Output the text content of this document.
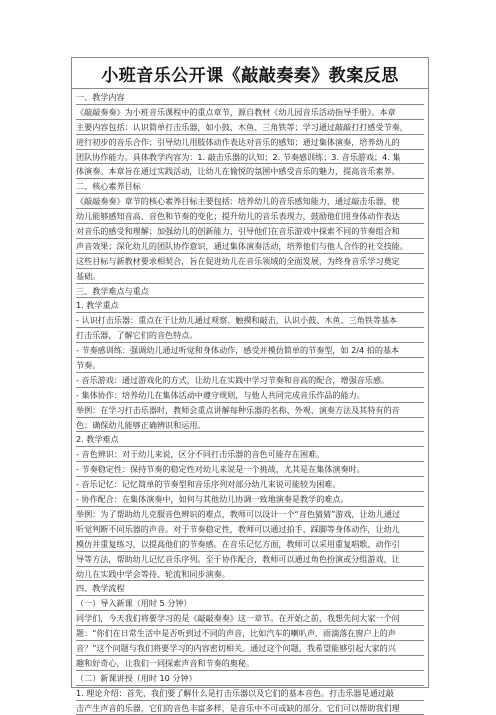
小班音乐公开课《敲敲奏奏》教案反思

一、教学内容

《敲敲奏奏》为小班音乐课程中的重点章节，源自教材《幼儿园音乐活动指导手册》。本章

主要内容包括：认识简单打击乐器，如小鼓、木鱼、三角铁等；学习通过敲敲打打感受节奏，

进行初步的音乐合作；引导幼儿用肢体动作表达对音乐的感知；通过集体演奏，培养幼儿的

团队协作能力。具体教学内容为：1. 敲击乐器的认知；2. 节奏感训练；3. 音乐游戏；4. 集

体演奏。本章旨在通过实践活动，让幼儿在愉悦的氛围中感受音乐的魅力，提高音乐素养。

二、核心素养目标

《敲敲奏奏》章节的核心素养目标主要包括：培养幼儿的音乐感知能力，通过敲击乐器，使

幼儿能够感知音高、音色和节奏的变化；提升幼儿的音乐表现力，鼓励他们用身体动作表达

对音乐的感受和理解；加强幼儿的创新能力，引导他们在音乐游戏中探索不同的节奏组合和

声音效果；深化幼儿的团队协作意识，通过集体演奏活动，培养他们与他人合作的社交技能。

这些目标与新教材要求相契合，旨在促进幼儿在音乐领域的全面发展，为终身音乐学习奠定

基础。

三、教学难点与重点

1. 教学重点

- 认识打击乐器：重点在于让幼儿通过观察、触摸和敲击，认识小鼓、木鱼、三角铁等基本

打击乐器，了解它们的音色特点。

- 节奏感训练：强调幼儿通过听觉和身体动作，感受并模仿简单的节奏型，如 2/4 拍的基本

节奏。

- 音乐游戏：通过游戏化的方式，让幼儿在实践中学习节奏和音高的配合，增强音乐感。

- 集体协作：培养幼儿在集体活动中遵守规则，与他人共同完成音乐作品的能力。

举例：在学习打击乐器时，教师会重点讲解每种乐器的名称、外观、演奏方法及其特有的音

色；确保幼儿能够正确辨识和运用。

2. 教学难点

- 音色辨识：对于幼儿来说，区分不同打击乐器的音色可能存在困难。

- 节奏稳定性：保持节奏的稳定性对幼儿来说是一个挑战，尤其是在集体演奏时。

- 音乐记忆：记忆简单的节奏型和音乐序列对部分幼儿来说可能较为困难。

- 协作配合：在集体演奏中，如何与其他幼儿协调一致地演奏是教学的难点。

举例：为了帮助幼儿克服音色辨识的难点，教师可以设计一个“音色猜猜”游戏，让幼儿通过

听觉判断不同乐器的声音。对于节奏稳定性，教师可以通过拍手、踩脚等身体动作，让幼儿

模仿并重复练习，以提高他们的节奏感。在音乐记忆方面，教师可以采用重复唱歌、动作引

导等方法，帮助幼儿记忆音乐序列。至于协作配合，教师可以通过角色扮演或分组游戏，让

幼儿在实践中学会等待、轮流和同步演奏。

四、教学流程

（一）导入新课（用时 5 分钟）

同学们，今天我们将要学习的是《敲敲奏奏》这一章节。在开始之前，我想先问大家一个问

题：“你们在日常生活中是否听到过不同的声音，比如汽车的喇叭声、雨滴落在窗户上的声

音？”这个问题与我们将要学习的内容密切相关。通过这个问题，我希望能够引起大家的兴

趣和好奇心，让我们一同探索声音和节奏的奥秘。

（二）新课讲授（用时 10 分钟）

1. 理论介绍：首先，我们要了解什么是打击乐器以及它们的基本音色。打击乐器是通过敲

击产生声音的乐器，它们的音色丰富多样，是音乐中不可或缺的部分。它们可以帮助我们理
